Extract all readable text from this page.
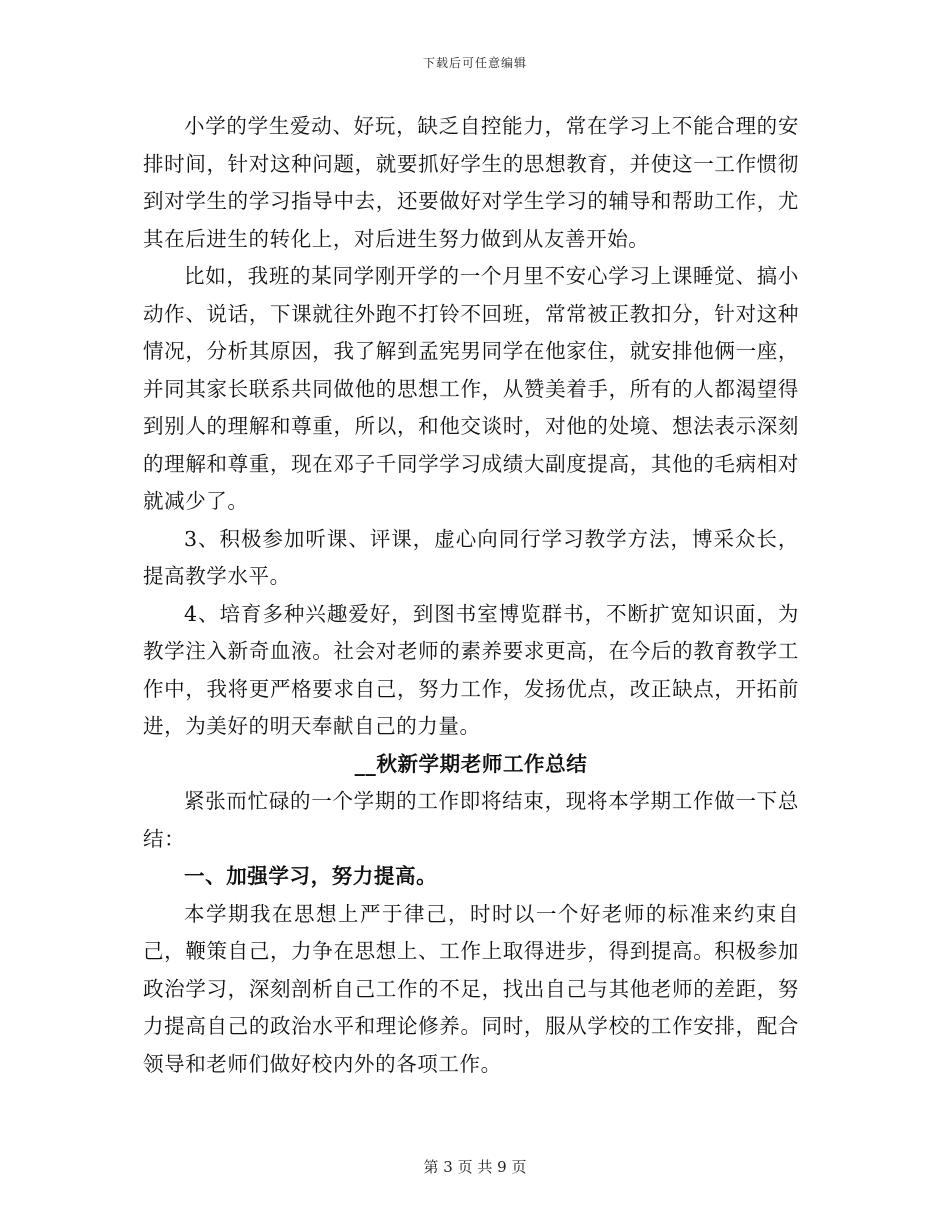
下载后可任意编辑

小学的学生爱动、好玩，缺乏自控能力，常在学习上不能合理的安排时间，针对这种问题，就要抓好学生的思想教育，并使这一工作惯彻到对学生的学习指导中去，还要做好对学生学习的辅导和帮助工作，尤其在后进生的转化上，对后进生努力做到从友善开始。

比如，我班的某同学刚开学的一个月里不安心学习上课睡觉、搞小动作、说话，下课就往外跑不打铃不回班，常常被正教扣分，针对这种情况，分析其原因，我了解到孟宪男同学在他家住，就安排他俩一座，并同其家长联系共同做他的思想工作，从赞美着手，所有的人都渴望得到别人的理解和尊重，所以，和他交谈时，对他的处境、想法表示深刻的理解和尊重，现在邓子千同学学习成绩大副度提高，其他的毛病相对就减少了。

3、积极参加听课、评课，虚心向同行学习教学方法，博采众长，提高教学水平。

4、培育多种兴趣爱好，到图书室博览群书，不断扩宽知识面，为教学注入新奇血液。社会对老师的素养要求更高，在今后的教育教学工作中，我将更严格要求自己，努力工作，发扬优点，改正缺点，开拓前进，为美好的明天奉献自己的力量。

__秋新学期老师工作总结

紧张而忙碌的一个学期的工作即将结束，现将本学期工作做一下总结：

一、加强学习，努力提高。

本学期我在思想上严于律己，时时以一个好老师的标准来约束自己，鞭策自己，力争在思想上、工作上取得进步，得到提高。积极参加政治学习，深刻剖析自己工作的不足，找出自己与其他老师的差距，努力提高自己的政治水平和理论修养。同时，服从学校的工作安排，配合领导和老师们做好校内外的各项工作。

第 3 页 共 9 页
